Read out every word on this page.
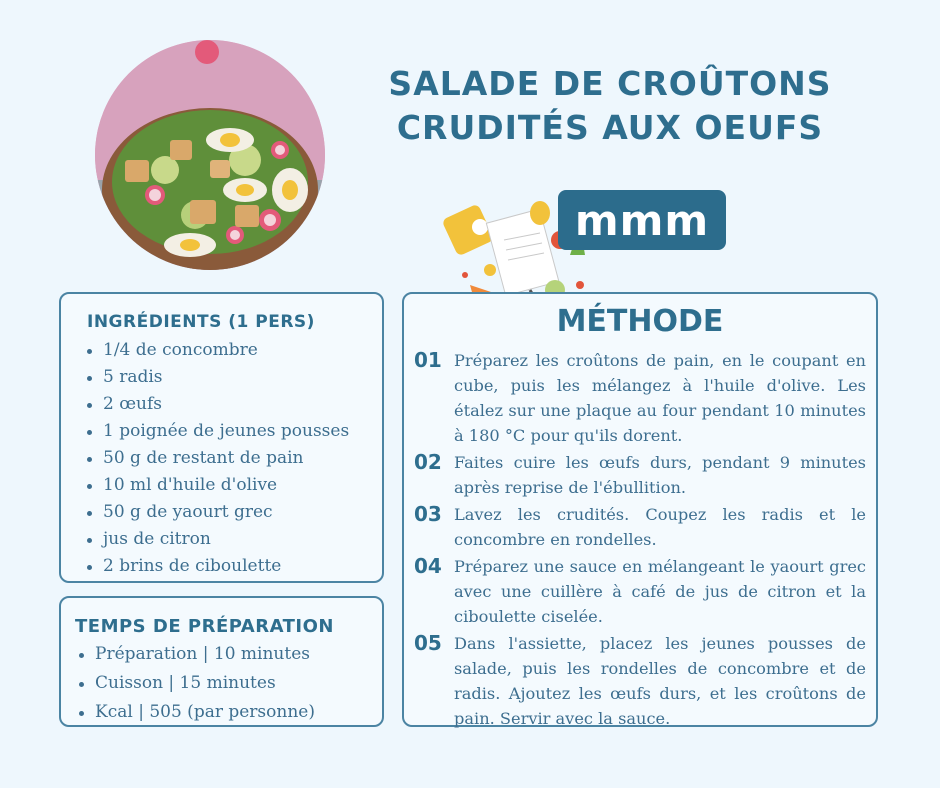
SALADE DE CROÛTONS CRUDITÉS AUX OEUFS
mmm
INGRÉDIENTS (1 PERS)
1/4 de concombre
5 radis
2 œufs
1 poignée de jeunes pousses
50 g de restant de pain
10 ml d'huile d'olive
50 g de yaourt grec
jus de citron
2 brins de ciboulette
TEMPS DE PRÉPARATION
Préparation | 10 minutes
Cuisson | 15 minutes
Kcal | 505 (par personne)
MÉTHODE
01 Préparez les croûtons de pain, en le coupant en cube, puis les mélangez à l'huile d'olive. Les étalez sur une plaque au four pendant 10 minutes à 180 °C pour qu'ils dorent.
02 Faites cuire les œufs durs, pendant 9 minutes après reprise de l'ébullition.
03 Lavez les crudités. Coupez les radis et le concombre en rondelles.
04 Préparez une sauce en mélangeant le yaourt grec avec une cuillère à café de jus de citron et la ciboulette ciselée.
05 Dans l'assiette, placez les jeunes pousses de salade, puis les rondelles de concombre et de radis. Ajoutez les œufs durs, et les croûtons de pain. Servir avec la sauce.
